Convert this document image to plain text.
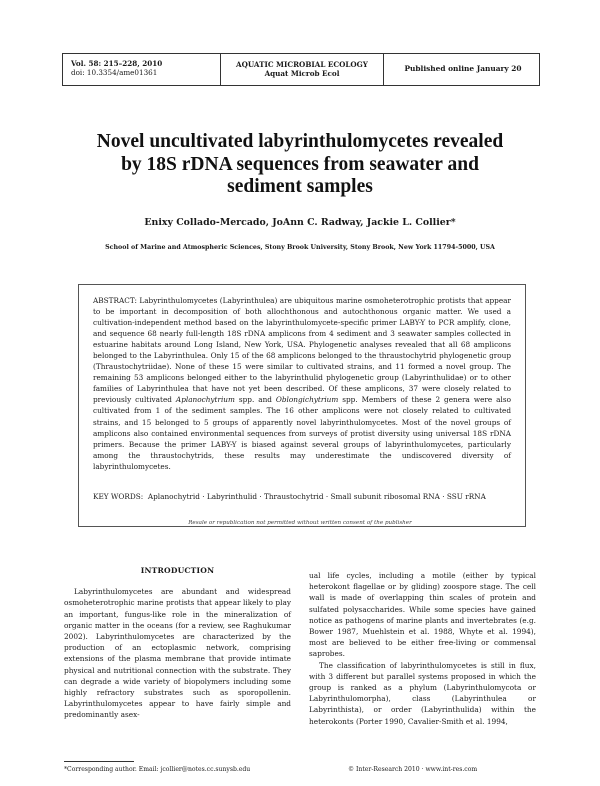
Vol. 58: 215–228, 2010
doi: 10.3354/ame01361
AQUATIC MICROBIAL ECOLOGY
Aquat Microb Ecol
Published online January 20
Novel uncultivated labyrinthulomycetes revealed
by 18S rDNA sequences from seawater and
sediment samples
Enixy Collado-Mercado, JoAnn C. Radway, Jackie L. Collier*
School of Marine and Atmospheric Sciences, Stony Brook University, Stony Brook, New York 11794-5000, USA
ABSTRACT: Labyrinthulomycetes (Labyrinthulea) are ubiquitous marine osmoheterotrophic protists that appear to be important in decomposition of both allochthonous and autochthonous organic matter. We used a cultivation-independent method based on the labyrinthulomycete-specific primer LABY-Y to PCR amplify, clone, and sequence 68 nearly full-length 18S rDNA amplicons from 4 sediment and 3 seawater samples collected in estuarine habitats around Long Island, New York, USA. Phylogenetic analyses revealed that all 68 amplicons belonged to the Labyrinthulea. Only 15 of the 68 amplicons belonged to the thraustochytrid phylogenetic group (Thraustochytriidae). None of these 15 were similar to cultivated strains, and 11 formed a novel group. The remaining 53 amplicons belonged either to the labyrinthulid phylogenetic group (Labyrinthulidae) or to other families of Labyrinthulea that have not yet been described. Of these amplicons, 37 were closely related to previously cultivated Aplanochytrium spp. and Oblongichytrium spp. Members of these 2 genera were also cultivated from 1 of the sediment samples. The 16 other amplicons were not closely related to cultivated strains, and 15 belonged to 5 groups of apparently novel labyrinthulomycetes. Most of the novel groups of amplicons also contained environmental sequences from surveys of protist diversity using universal 18S rDNA primers. Because the primer LABY-Y is biased against several groups of labyrinthulomycetes, particularly among the thraustochytrids, these results may underestimate the undiscovered diversity of labyrinthulomycetes.
KEY WORDS: Aplanochytrid · Labyrinthulid · Thraustochytrid · Small subunit ribosomal RNA · SSU rRNA
Resale or republication not permitted without written consent of the publisher
INTRODUCTION

Labyrinthulomycetes are abundant and widespread osmoheterotrophic marine protists that appear likely to play an important, fungus-like role in the mineralization of organic matter in the oceans (for a review, see Raghukumar 2002). Labyrinthulomycetes are characterized by the production of an ectoplasmic network, comprising extensions of the plasma membrane that provide intimate physical and nutritional connection with the substrate. They can degrade a wide variety of biopolymers including some highly refractory substrates such as sporopollenin. Labyrinthulomycetes appear to have fairly simple and predominantly asex-

ual life cycles, including a motile (either by typical heterokont flagellae or by gliding) zoospore stage. The cell wall is made of overlapping thin scales of protein and sulfated polysaccharides. While some species have gained notice as pathogens of marine plants and invertebrates (e.g. Bower 1987, Muehlstein et al. 1988, Whyte et al. 1994), most are believed to be either free-living or commensal saprobes.

The classification of labyrinthulomycetes is still in flux, with 3 different but parallel systems proposed in which the group is ranked as a phylum (Labyrinthulomycota or Labyrinthulomorpha), class (Labyrinthulea or Labyrinthista), or order (Labyrinthulida) within the heterokonts (Porter 1990, Cavalier-Smith et al. 1994,

*Corresponding author. Email: jcollier@notes.cc.sunysb.edu	© Inter-Research 2010 · www.int-res.com
